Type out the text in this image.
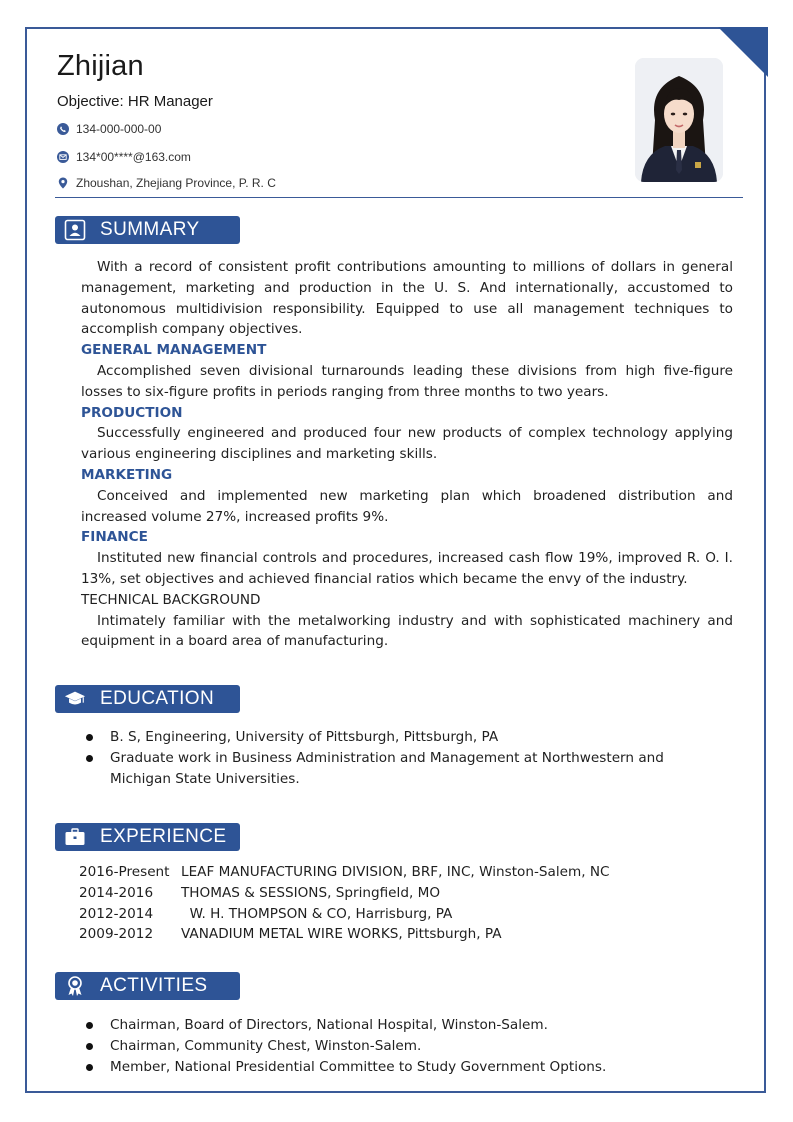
Zhijian
Objective: HR Manager
134-000-000-00
134*00****@163.com
Zhoushan, Zhejiang Province, P. R. C
SUMMARY

With a record of consistent profit contributions amounting to millions of dollars in general management, marketing and production in the U. S. And internationally, accustomed to autonomous multidivision responsibility. Equipped to use all management techniques to accomplish company objectives.

GENERAL MANAGEMENT

Accomplished seven divisional turnarounds leading these divisions from high five-figure losses to six-figure profits in periods ranging from three months to two years.

PRODUCTION

Successfully engineered and produced four new products of complex technology applying various engineering disciplines and marketing skills.

MARKETING

Conceived and implemented new marketing plan which broadened distribution and increased volume 27%, increased profits 9%.

FINANCE

Instituted new financial controls and procedures, increased cash flow 19%, improved R. O. I. 13%, set objectives and achieved financial ratios which became the envy of the industry.

TECHNICAL BACKGROUND

Intimately familiar with the metalworking industry and with sophisticated machinery and equipment in a board area of manufacturing.

EDUCATION
B. S, Engineering, University of Pittsburgh, Pittsburgh, PA
Graduate work in Business Administration and Management at Northwestern and Michigan State Universities.
EXPERIENCE
2016-Present LEAF MANUFACTURING DIVISION, BRF, INC, Winston-Salem, NC
2014-2016	THOMAS & SESSIONS, Springfield, MO
2012-2014	W. H. THOMPSON & CO, Harrisburg, PA
2009-2012	VANADIUM METAL WIRE WORKS, Pittsburgh, PA
ACTIVITIES
Chairman, Board of Directors, National Hospital, Winston-Salem.
Chairman, Community Chest, Winston-Salem.
Member, National Presidential Committee to Study Government Options.
